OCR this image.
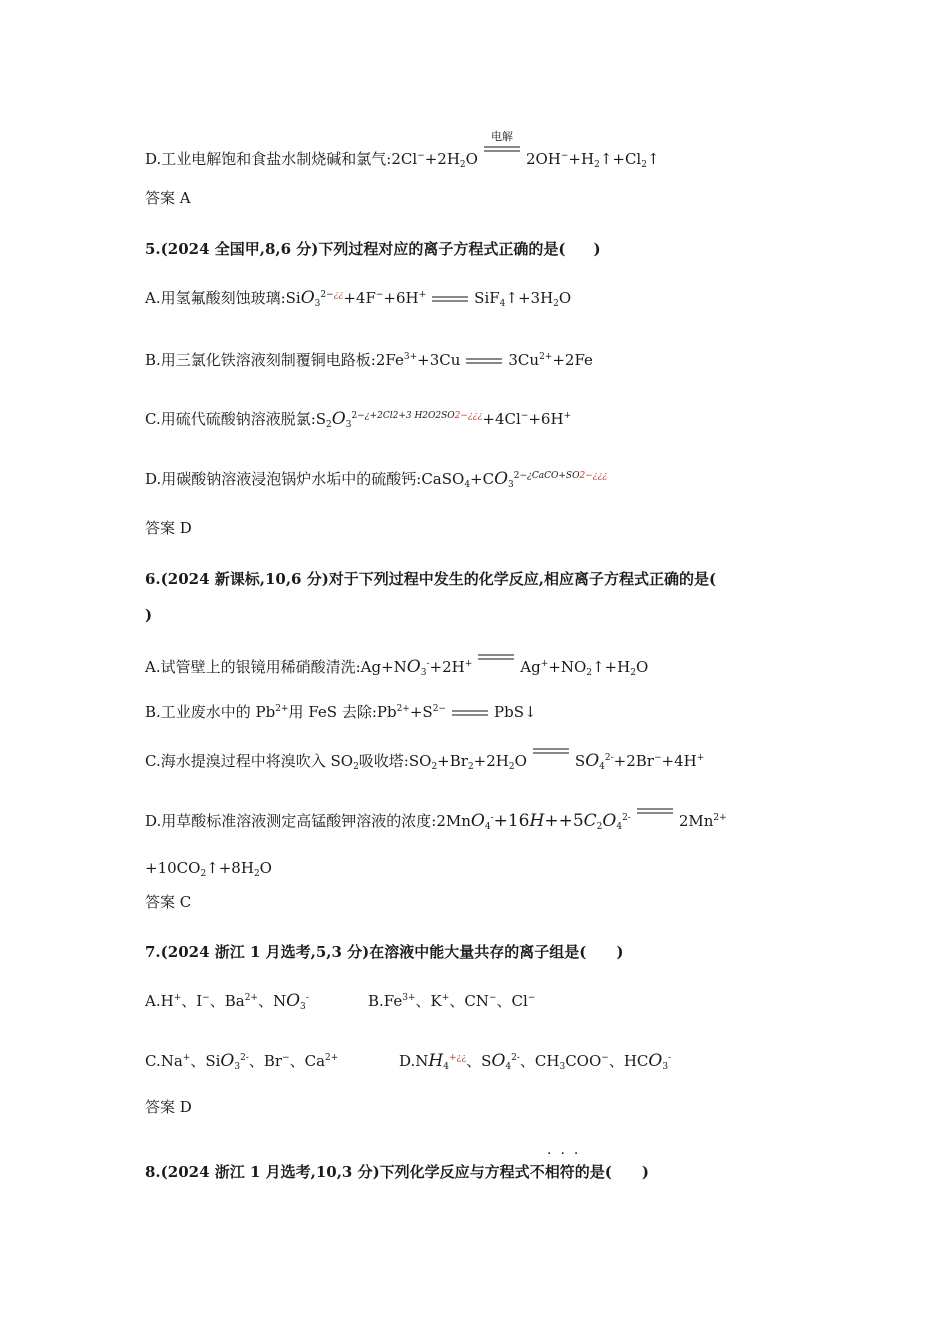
D.工业电解饱和食盐水制烧碱和氯气$:2Cl^-+2H_2O$
电解
$2OH^-+H_2↑+Cl_2↑$
答案 A
5.(2024 全国甲,8,6 分)下列过程对应的离子方程式正确的是( )
A.用氢氟酸刻蚀玻璃:SiO$_3^{2-¿¿}$+4F−+6H+	$SiF_4↑+3H_2O$
B.用三氯化铁溶液刻制覆铜电路板$:2Fe^{3+}+3Cu$	$3Cu^{2+}+2Fe$
C.用硫代硫酸钠溶液脱氯$:S_2O_3^{2-¿+2Cl2+3 H2O2SO2-¿¿¿}+4Cl^-+6H^+$
D.用碳酸钠溶液浸泡锅炉水垢中的硫酸钙$:CaSO_4+CO_3^{2-¿CaCO+SO2-¿¿¿}$
答案 D
6.(2024 新课标,10,6 分)对于下列过程中发生的化学反应,相应离子方程式正确的是(
)
A.试管壁上的银镜用稀硝酸清洗$:Ag+NO_3^-+2H^+$	$Ag^++NO_2↑+H_2O$
B.工业废水中的 $Pb^{2+}$用 FeS 去除$:Pb^{2+}+S^{2-}$	PbS↓
C.海水提溴过程中将溴吹入 $SO_2$吸收塔$:SO_2+Br_2+2H_2O$	$SO_4^{2-}+2Br^-+4H^+$
D.用草酸标准溶液测定高锰酸钾溶液的浓度$:2MnO_4^-+16H++5C_2O_4^{2-}$	$2Mn^{2+}$
$+10CO_2↑+8H_2O$
答案 C
7.(2024 浙江 1 月选考,5,3 分)在溶液中能大量共存的离子组是( )
A.H+、I−、$Ba^{2+}$、$NO_3^-$	$B.Fe^{3+}$、K+、CN−、Cl−
C.Na+、SiO$_3^{2-}$、Br−、$Ca^{2+}$	$D.NH_4^{+¿¿}$、$SO_4^{2-}$、$CH_3COO^-$、$HCO_3^-$
答案 D
···
8.(2024 浙江 1 月选考,10,3 分)下列化学反应与方程式不相符的是( )
